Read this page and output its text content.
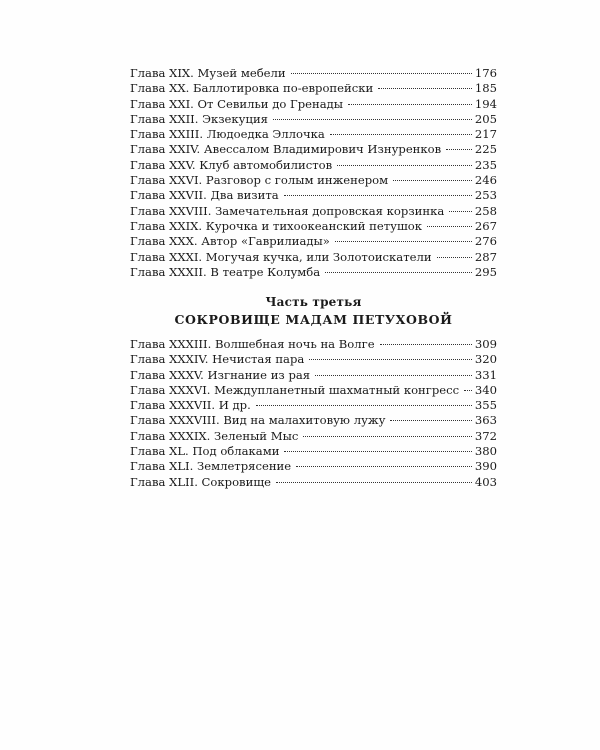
Глава XIX. Музей мебели	176
Глава XX. Баллотировка по-европейски	185
Глава XXI. От Севильи до Гренады	194
Глава XXII. Экзекуция	205
Глава XXIII. Людоедка Эллочка	217
Глава XXIV. Авессалом Владимирович Изнуренков	225
Глава XXV. Клуб автомобилистов	235
Глава XXVI. Разговор с голым инженером	246
Глава XXVII. Два визита	253
Глава XXVIII. Замечательная допровская корзинка	258
Глава XXIX. Курочка и тихоокеанский петушок	267
Глава XXX. Автор «Гаврилиады»	276
Глава XXXI. Могучая кучка, или Золотоискатели	287
Глава XXXII. В театре Колумба	295
Часть третья
СОКРОВИЩЕ МАДАМ ПЕТУХОВОЙ
Глава XXXIII. Волшебная ночь на Волге	309
Глава XXXIV. Нечистая пара	320
Глава XXXV. Изгнание из рая	331
Глава XXXVI. Междупланетный шахматный конгресс 340
Глава XXXVII. И др.	355
Глава XXXVIII. Вид на малахитовую лужу	363
Глава XXXIX. Зеленый Мыс	372
Глава XL. Под облаками	380
Глава XLI. Землетрясение	390
Глава XLII. Сокровище	403
